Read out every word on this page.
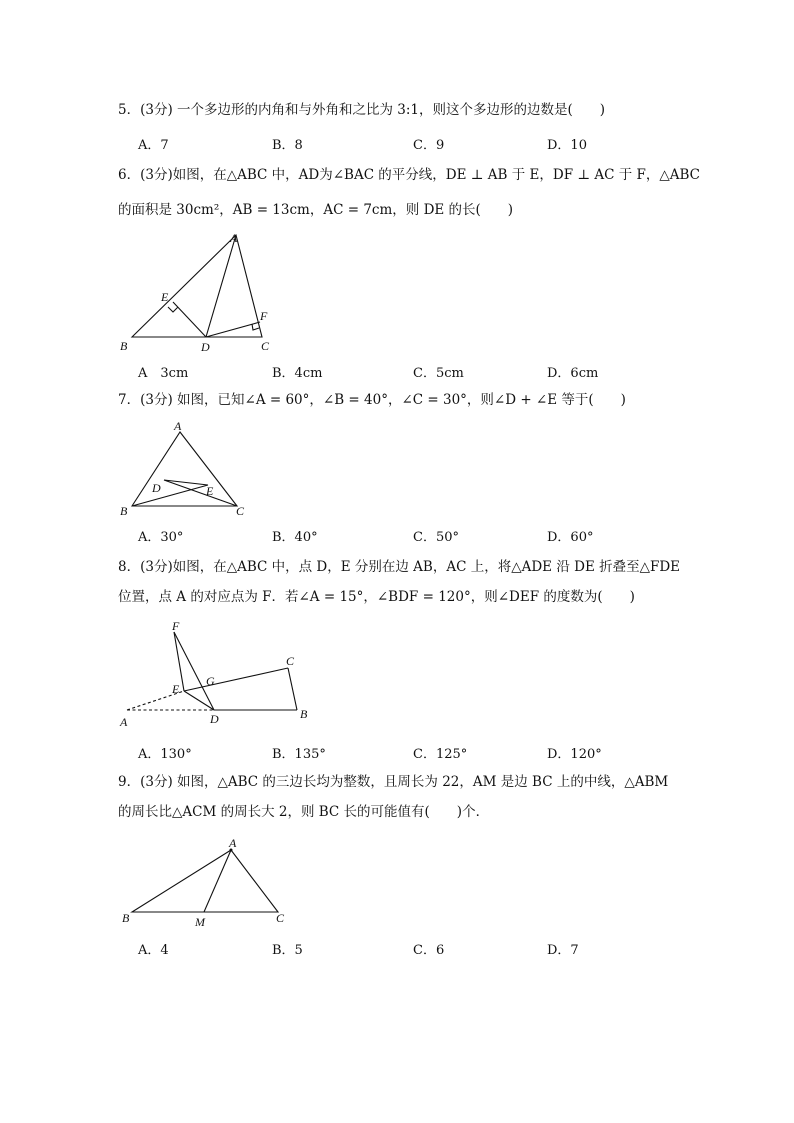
5．(3分) 一个多边形的内角和与外角和之比为 3:1，则这个多边形的边数是(　　)
A．7	B．8	C．9	D．10
6．(3分)如图，在△ABC 中，AD为∠BAC 的平分线，DE ⊥ AB 于 E，DF ⊥ AC 于 F，△ABC
的面积是 30cm²，AB = 13cm，AC = 7cm，则 DE 的长(　　)
A
B	C
D
E
F
A　3cm	B．4cm	C．5cm	D．6cm
7．(3分) 如图，已知∠A = 60°，∠B = 40°，∠C = 30°，则∠D + ∠E 等于(　　)
A
B	C
D	E
A．30°	B．40°	C．50°	D．60°
8．(3分)如图，在△ABC 中，点 D，E 分别在边 AB，AC 上，将△ADE 沿 DE 折叠至△FDE
位置，点 A 的对应点为 F．若∠A = 15°，∠BDF = 120°，则∠DEF 的度数为(　　)
F
C
E
G
A	D	B
A．130°	B．135°	C．125°	D．120°
9．(3分) 如图，△ABC 的三边长均为整数，且周长为 22，AM 是边 BC 上的中线，△ABM
的周长比△ACM 的周长大 2，则 BC 长的可能值有(　　)个．
A
B	M	C
A．4	B．5	C．6	D．7
